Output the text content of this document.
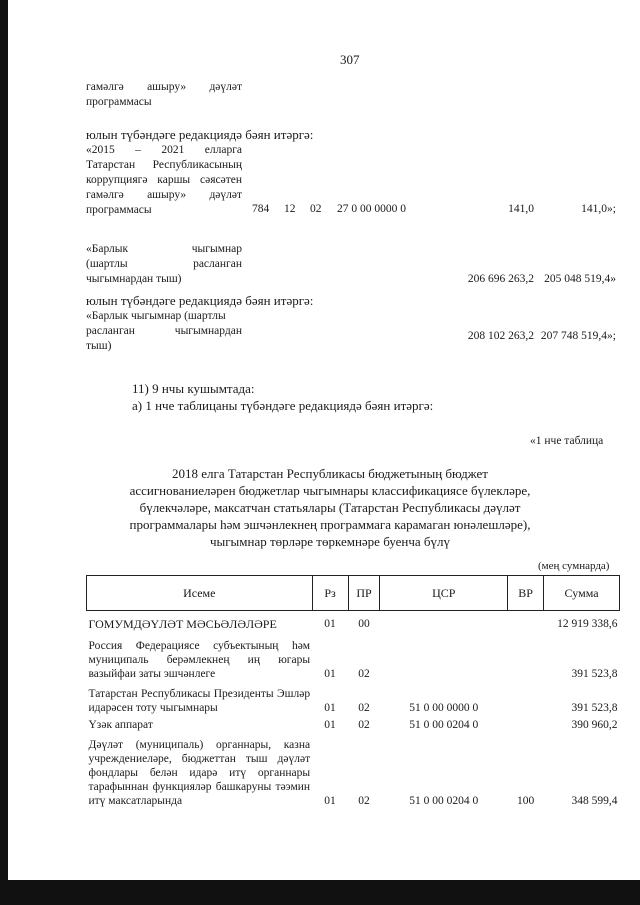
307
гамәлгә ашыру» дәүләт
программасы
юлын түбәндәге редакциядә бәян итәргә:
«2015 – 2021 елларга
Татарстан Республикасының
коррупциягә каршы сәясәтен
гамәлгә ашыру» дәүләт
программасы	784 12 02 27 0 00 0000 0	141,0	141,0»;
«Барлык	чыгымнар
(шартлы	расланган
чыгымнардан тыш)	206 696 263,2 205 048 519,4»
юлын түбәндәге редакциядә бәян итәргә:
«Барлык чыгымнар (шартлы
расланган	чыгымнардан
тыш)
208 102 263,2 207 748 519,4»;
11) 9 нчы кушымтада:
а) 1 нче таблицаны түбәндәге редакциядә бәян итәргә:
«1 нче таблица
2018 елга Татарстан Республикасы бюджетының бюджет
ассигнованиеләрен бюджетлар чыгымнары классификациясе бүлекләре,
бүлекчәләре, максатчан статьялары (Татарстан Республикасы дәүләт
программалары һәм эшчәнлекнең программага карамаган юнәлешләре),
чыгымнар төрләре төркемнәре буенча бүлү
(мең сумнарда)
Исеме	Рз	ПР	ЦСР	ВР	Сумма
ГОМУМДӘҮЛӘТ МӘСЬӘЛӘЛӘРЕ	01	00			12 919 338,6
Россия Федерациясе субъектының һәм муниципаль берәмлекнең иң югары вазыйфаи заты эшчәнлеге	01	02			391 523,8
Татарстан Республикасы Президенты Эшләр идарәсен тоту чыгымнары	01	02	51 0 00 0000 0		391 523,8
Үзәк аппарат	01	02	51 0 00 0204 0		390 960,2
Дәүләт (муниципаль) органнары, казна учреждениеләре, бюджеттан тыш дәүләт фондлары белән идарә итү органнары тарафыннан функцияләр башкаруны тәэмин итү максатларында	01	02	51 0 00 0204 0	100	348 599,4
